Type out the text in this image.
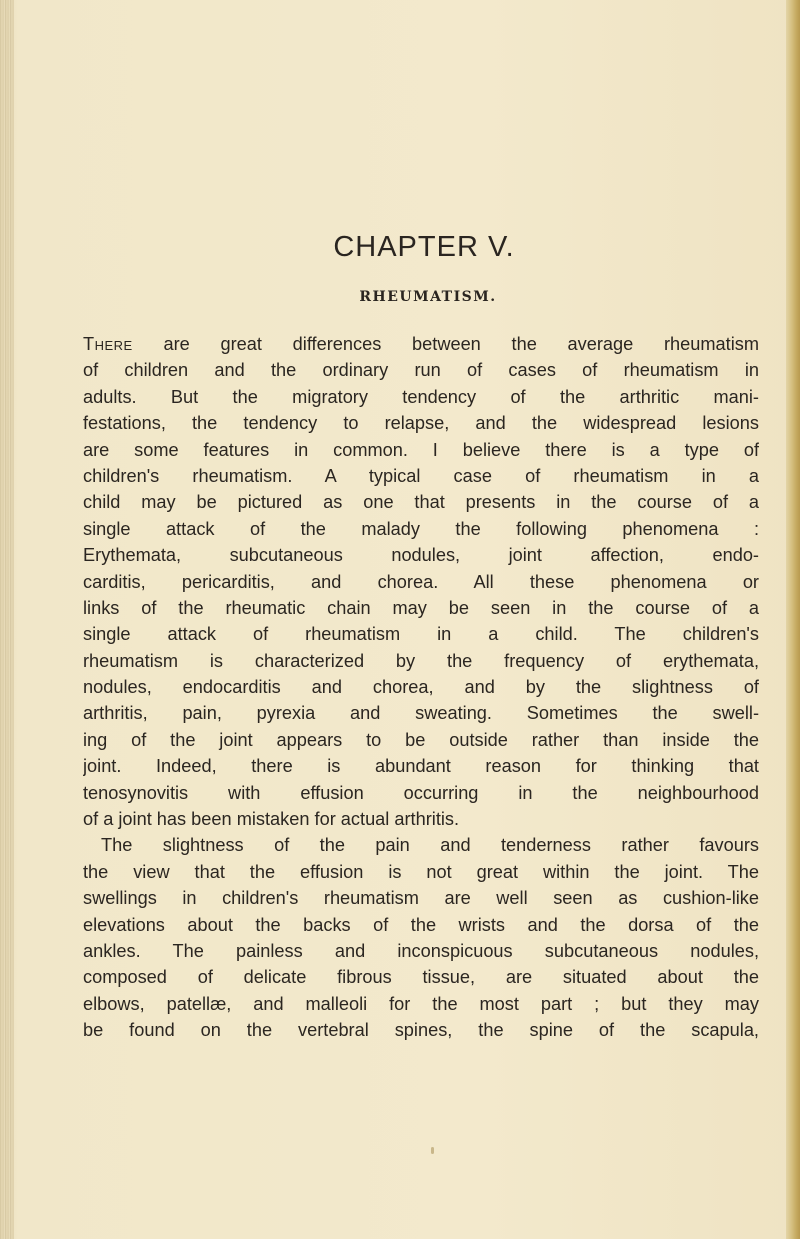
CHAPTER V.
RHEUMATISM.
There are great differences between the average rheumatism
of children and the ordinary run of cases of rheumatism in
adults. But the migratory tendency of the arthritic mani-
festations, the tendency to relapse, and the widespread lesions
are some features in common. I believe there is a type of
children's rheumatism. A typical case of rheumatism in a
child may be pictured as one that presents in the course of a
single attack of the malady the following phenomena :
Erythemata, subcutaneous nodules, joint affection, endo-
carditis, pericarditis, and chorea. All these phenomena or
links of the rheumatic chain may be seen in the course of a
single attack of rheumatism in a child. The children's
rheumatism is characterized by the frequency of erythemata,
nodules, endocarditis and chorea, and by the slightness of
arthritis, pain, pyrexia and sweating. Sometimes the swell-
ing of the joint appears to be outside rather than inside the
joint. Indeed, there is abundant reason for thinking that
tenosynovitis with effusion occurring in the neighbourhood
of a joint has been mistaken for actual arthritis.
The slightness of the pain and tenderness rather favours
the view that the effusion is not great within the joint. The
swellings in children's rheumatism are well seen as cushion-like
elevations about the backs of the wrists and the dorsa of the
ankles. The painless and inconspicuous subcutaneous nodules,
composed of delicate fibrous tissue, are situated about the
elbows, patellæ, and malleoli for the most part ; but they may
be found on the vertebral spines, the spine of the scapula,
